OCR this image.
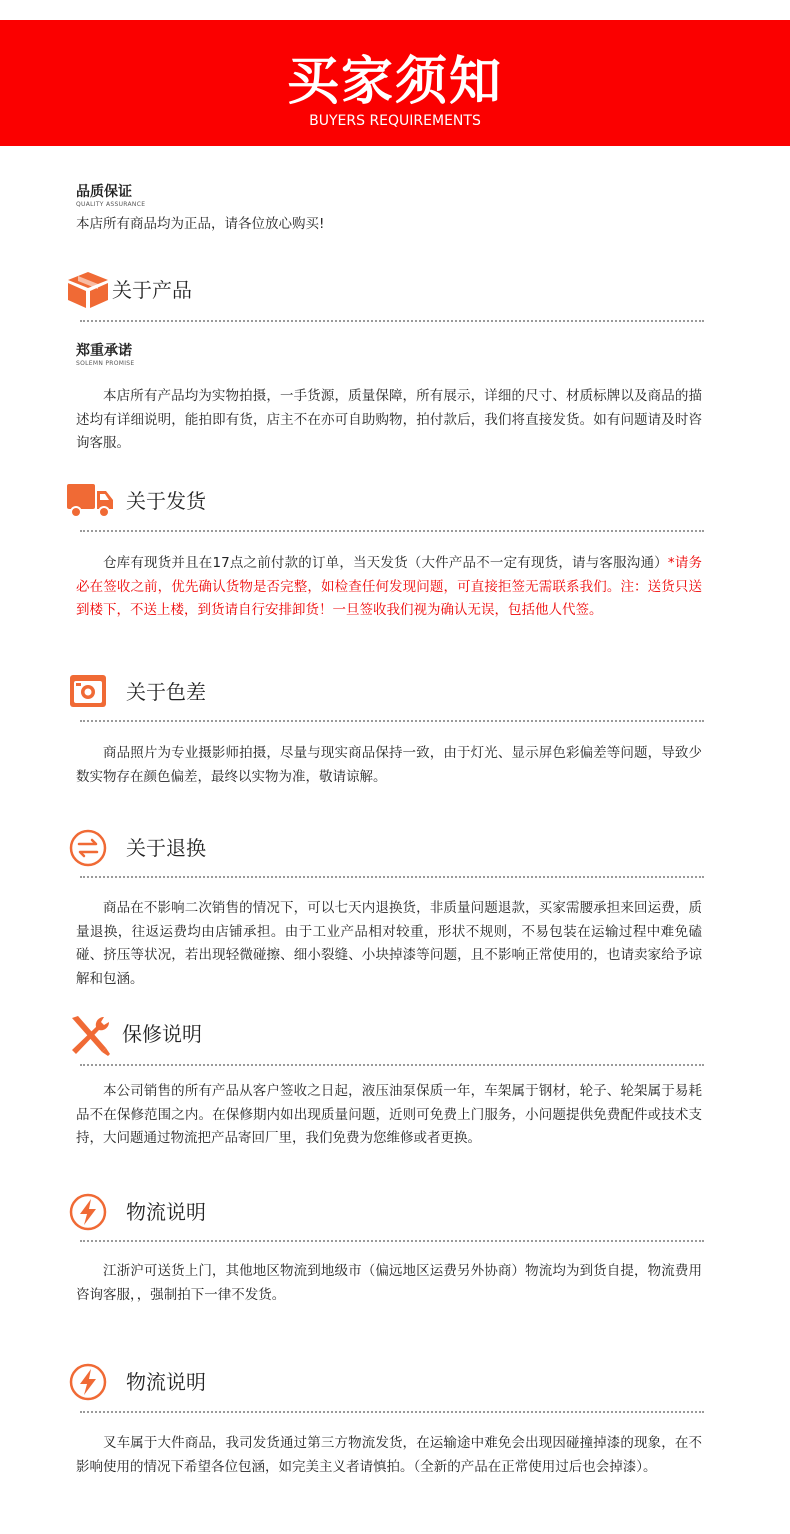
买家须知
BUYERS REQUIREMENTS
品质保证
QUALITY ASSURANCE
本店所有商品均为正品，请各位放心购买!
关于产品
郑重承诺
SOLEMN PROMISE
本店所有产品均为实物拍摄，一手货源，质量保障，所有展示，详细的尺寸、材质标牌以及商品的描述均有详细说明，能拍即有货，店主不在亦可自助购物，拍付款后，我们将直接发货。如有问题请及时咨询客服。
关于发货
仓库有现货并且在17点之前付款的订单，当天发货（大件产品不一定有现货，请与客服沟通）*请务必在签收之前，优先确认货物是否完整，如检查任何发现问题，可直接拒签无需联系我们。注：送货只送到楼下，不送上楼，到货请自行安排卸货！一旦签收我们视为确认无误，包括他人代签。
关于色差
商品照片为专业摄影师拍摄，尽量与现实商品保持一致，由于灯光、显示屏色彩偏差等问题，导致少数实物存在颜色偏差，最终以实物为准，敬请谅解。
关于退换
商品在不影响二次销售的情况下，可以七天内退换货，非质量问题退款，买家需腰承担来回运费，质量退换，往返运费均由店铺承担。由于工业产品相对较重，形状不规则，不易包装在运输过程中难免磕碰、挤压等状况，若出现轻微碰擦、细小裂缝、小块掉漆等问题，且不影响正常使用的，也请卖家给予谅解和包涵。
保修说明
本公司销售的所有产品从客户签收之日起，液压油泵保质一年，车架属于钢材，轮子、轮架属于易耗品不在保修范围之内。在保修期内如出现质量问题，近则可免费上门服务，小问题提供免费配件或技术支持，大问题通过物流把产品寄回厂里，我们免费为您维修或者更换。
物流说明
江浙沪可送货上门，其他地区物流到地级市（偏远地区运费另外协商）物流均为到货自提，物流费用咨询客服，，强制拍下一律不发货。
物流说明
叉车属于大件商品，我司发货通过第三方物流发货，在运输途中难免会出现因碰撞掉漆的现象，在不影响使用的情况下希望各位包涵，如完美主义者请慎拍。（全新的产品在正常使用过后也会掉漆）。
